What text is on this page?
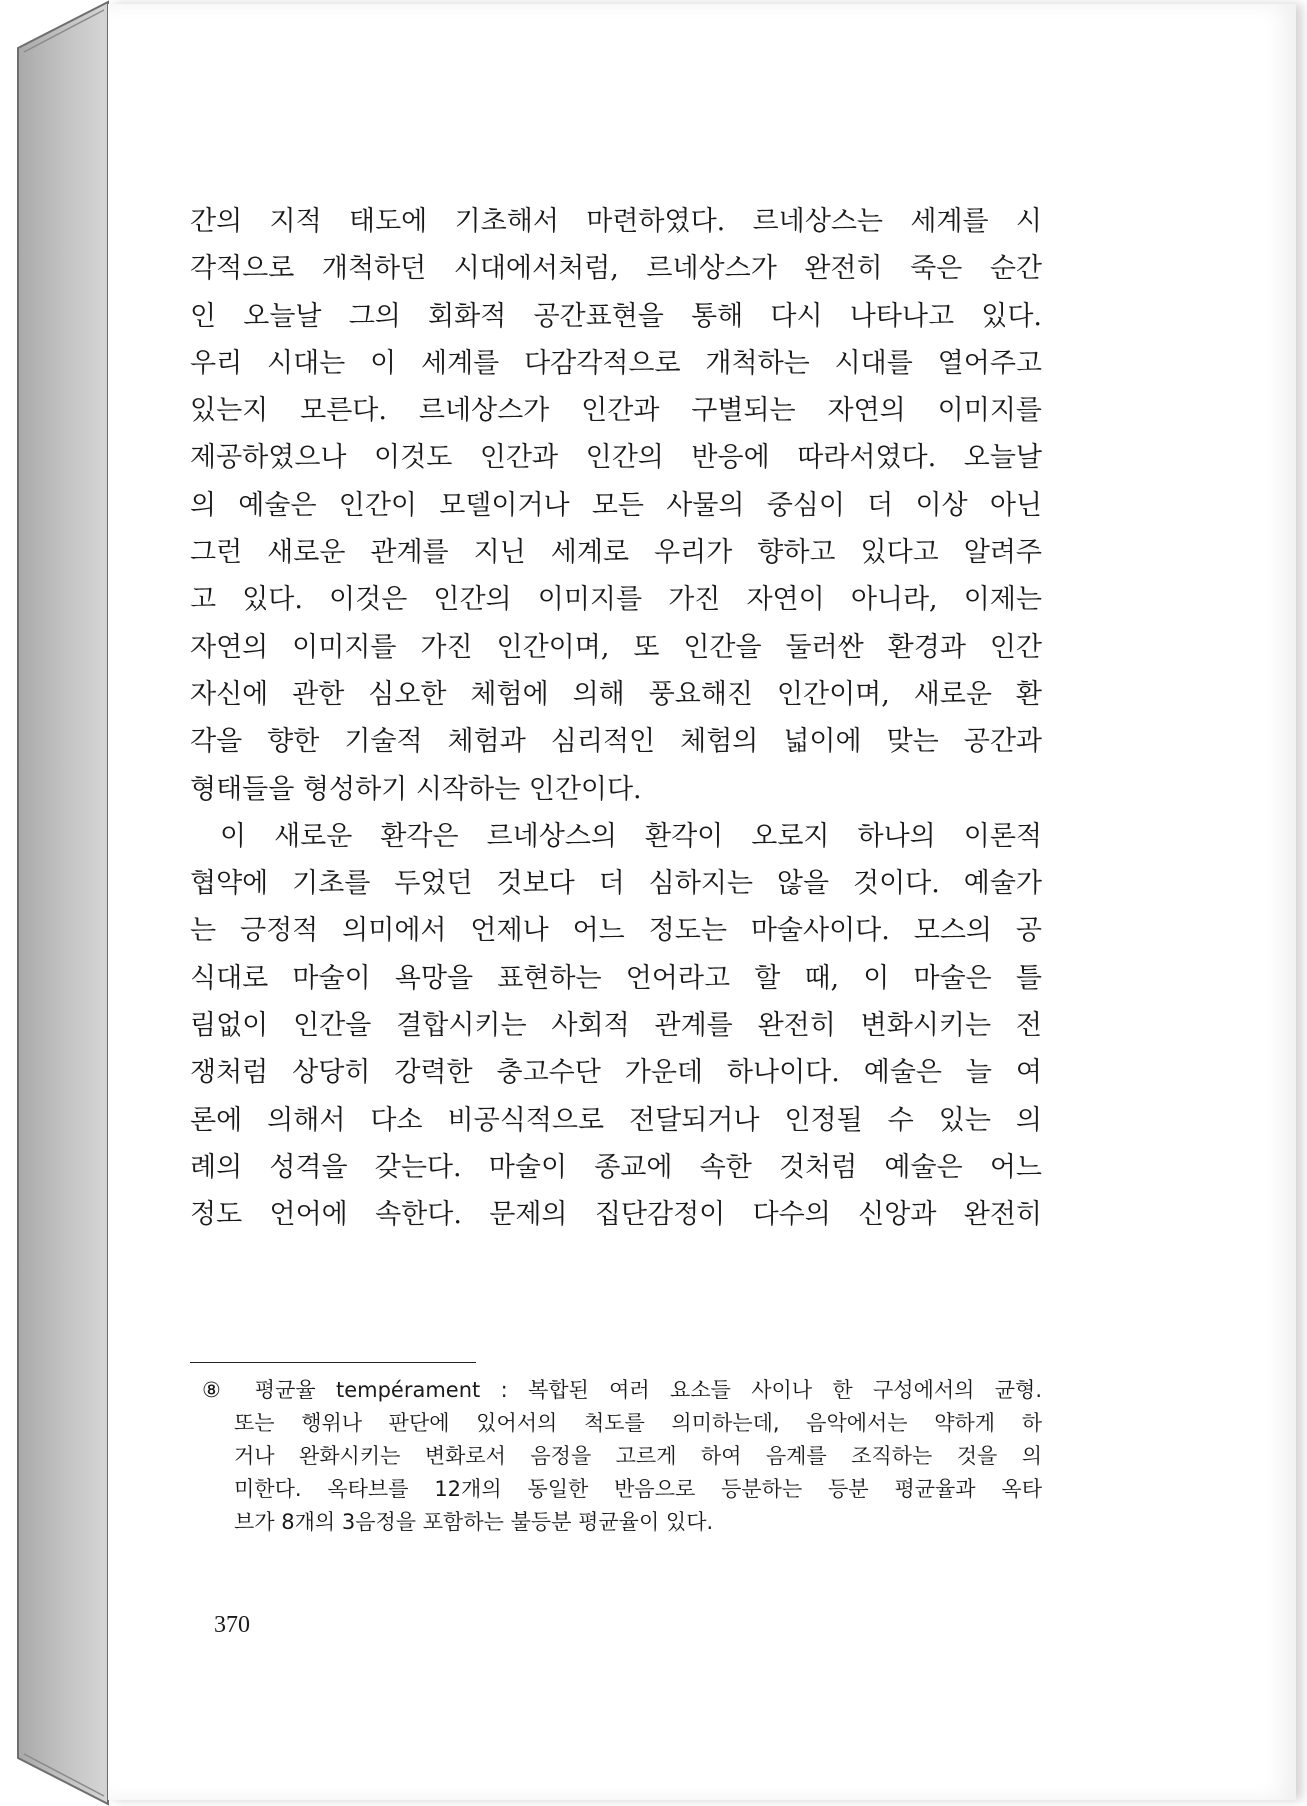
간의 지적 태도에 기초해서 마련하였다. 르네상스는 세계를 시
각적으로 개척하던 시대에서처럼, 르네상스가 완전히 죽은 순간
인 오늘날 그의 회화적 공간표현을 통해 다시 나타나고 있다.
우리 시대는 이 세계를 다감각적으로 개척하는 시대를 열어주고
있는지 모른다. 르네상스가 인간과 구별되는 자연의 이미지를
제공하였으나 이것도 인간과 인간의 반응에 따라서였다. 오늘날
의 예술은 인간이 모델이거나 모든 사물의 중심이 더 이상 아닌
그런 새로운 관계를 지닌 세계로 우리가 향하고 있다고 알려주
고 있다. 이것은 인간의 이미지를 가진 자연이 아니라, 이제는
자연의 이미지를 가진 인간이며, 또 인간을 둘러싼 환경과 인간
자신에 관한 심오한 체험에 의해 풍요해진 인간이며, 새로운 환
각을 향한 기술적 체험과 심리적인 체험의 넓이에 맞는 공간과
형태들을 형성하기 시작하는 인간이다.
이 새로운 환각은 르네상스의 환각이 오로지 하나의 이론적
협약에 기초를 두었던 것보다 더 심하지는 않을 것이다. 예술가
는 긍정적 의미에서 언제나 어느 정도는 마술사이다. 모스의 공
식대로 마술이 욕망을 표현하는 언어라고 할 때, 이 마술은 틀
림없이 인간을 결합시키는 사회적 관계를 완전히 변화시키는 전
쟁처럼 상당히 강력한 충고수단 가운데 하나이다. 예술은 늘 여
론에 의해서 다소 비공식적으로 전달되거나 인정될 수 있는 의
례의 성격을 갖는다. 마술이 종교에 속한 것처럼 예술은 어느
정도 언어에 속한다. 문제의 집단감정이 다수의 신앙과 완전히
⑧ 평균율 tempérament : 복합된 여러 요소들 사이나 한 구성에서의 균형.
또는 행위나 판단에 있어서의 척도를 의미하는데, 음악에서는 약하게 하
거나 완화시키는 변화로서 음정을 고르게 하여 음계를 조직하는 것을 의
미한다. 옥타브를 12개의 동일한 반음으로 등분하는 등분 평균율과 옥타
브가 8개의 3음정을 포함하는 불등분 평균율이 있다.
370
